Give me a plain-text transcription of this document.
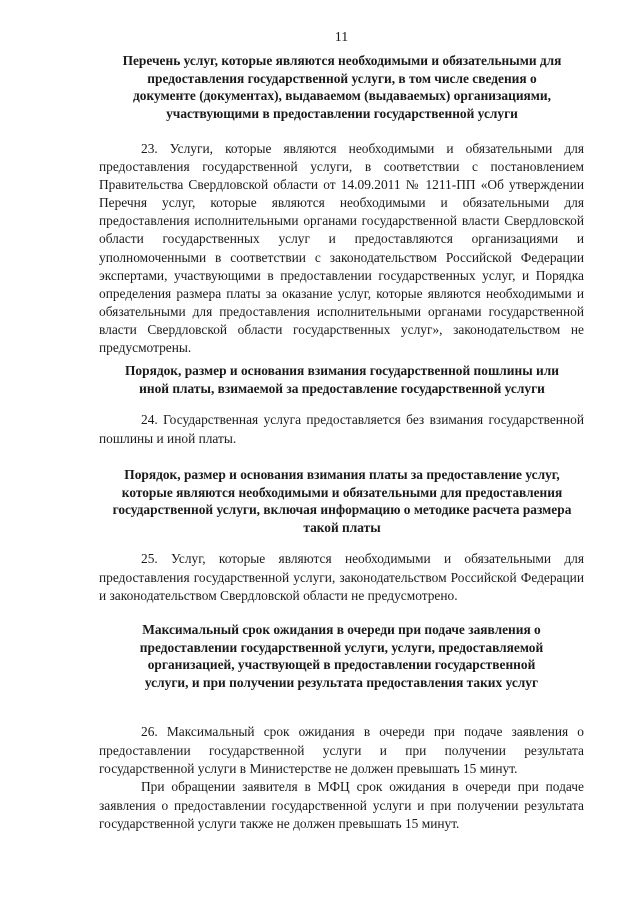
11
Перечень услуг, которые являются необходимыми и обязательными для предоставления государственной услуги, в том числе сведения о документе (документах), выдаваемом (выдаваемых) организациями, участвующими в предоставлении государственной услуги
23. Услуги, которые являются необходимыми и обязательными для предоставления государственной услуги, в соответствии с постановлением Правительства Свердловской области от 14.09.2011 № 1211-ПП «Об утверждении Перечня услуг, которые являются необходимыми и обязательными для предоставления исполнительными органами государственной власти Свердловской области государственных услуг и предоставляются организациями и уполномоченными в соответствии с законодательством Российской Федерации экспертами, участвующими в предоставлении государственных услуг, и Порядка определения размера платы за оказание услуг, которые являются необходимыми и обязательными для предоставления исполнительными органами государственной власти Свердловской области государственных услуг», законодательством не предусмотрены.
Порядок, размер и основания взимания государственной пошлины или иной платы, взимаемой за предоставление государственной услуги
24. Государственная услуга предоставляется без взимания государственной пошлины и иной платы.
Порядок, размер и основания взимания платы за предоставление услуг, которые являются необходимыми и обязательными для предоставления государственной услуги, включая информацию о методике расчета размера такой платы
25. Услуг, которые являются необходимыми и обязательными для предоставления государственной услуги, законодательством Российской Федерации и законодательством Свердловской области не предусмотрено.
Максимальный срок ожидания в очереди при подаче заявления о предоставлении государственной услуги, услуги, предоставляемой организацией, участвующей в предоставлении государственной услуги, и при получении результата предоставления таких услуг
26. Максимальный срок ожидания в очереди при подаче заявления о предоставлении государственной услуги и при получении результата государственной услуги в Министерстве не должен превышать 15 минут.
При обращении заявителя в МФЦ срок ожидания в очереди при подаче заявления о предоставлении государственной услуги и при получении результата государственной услуги также не должен превышать 15 минут.
